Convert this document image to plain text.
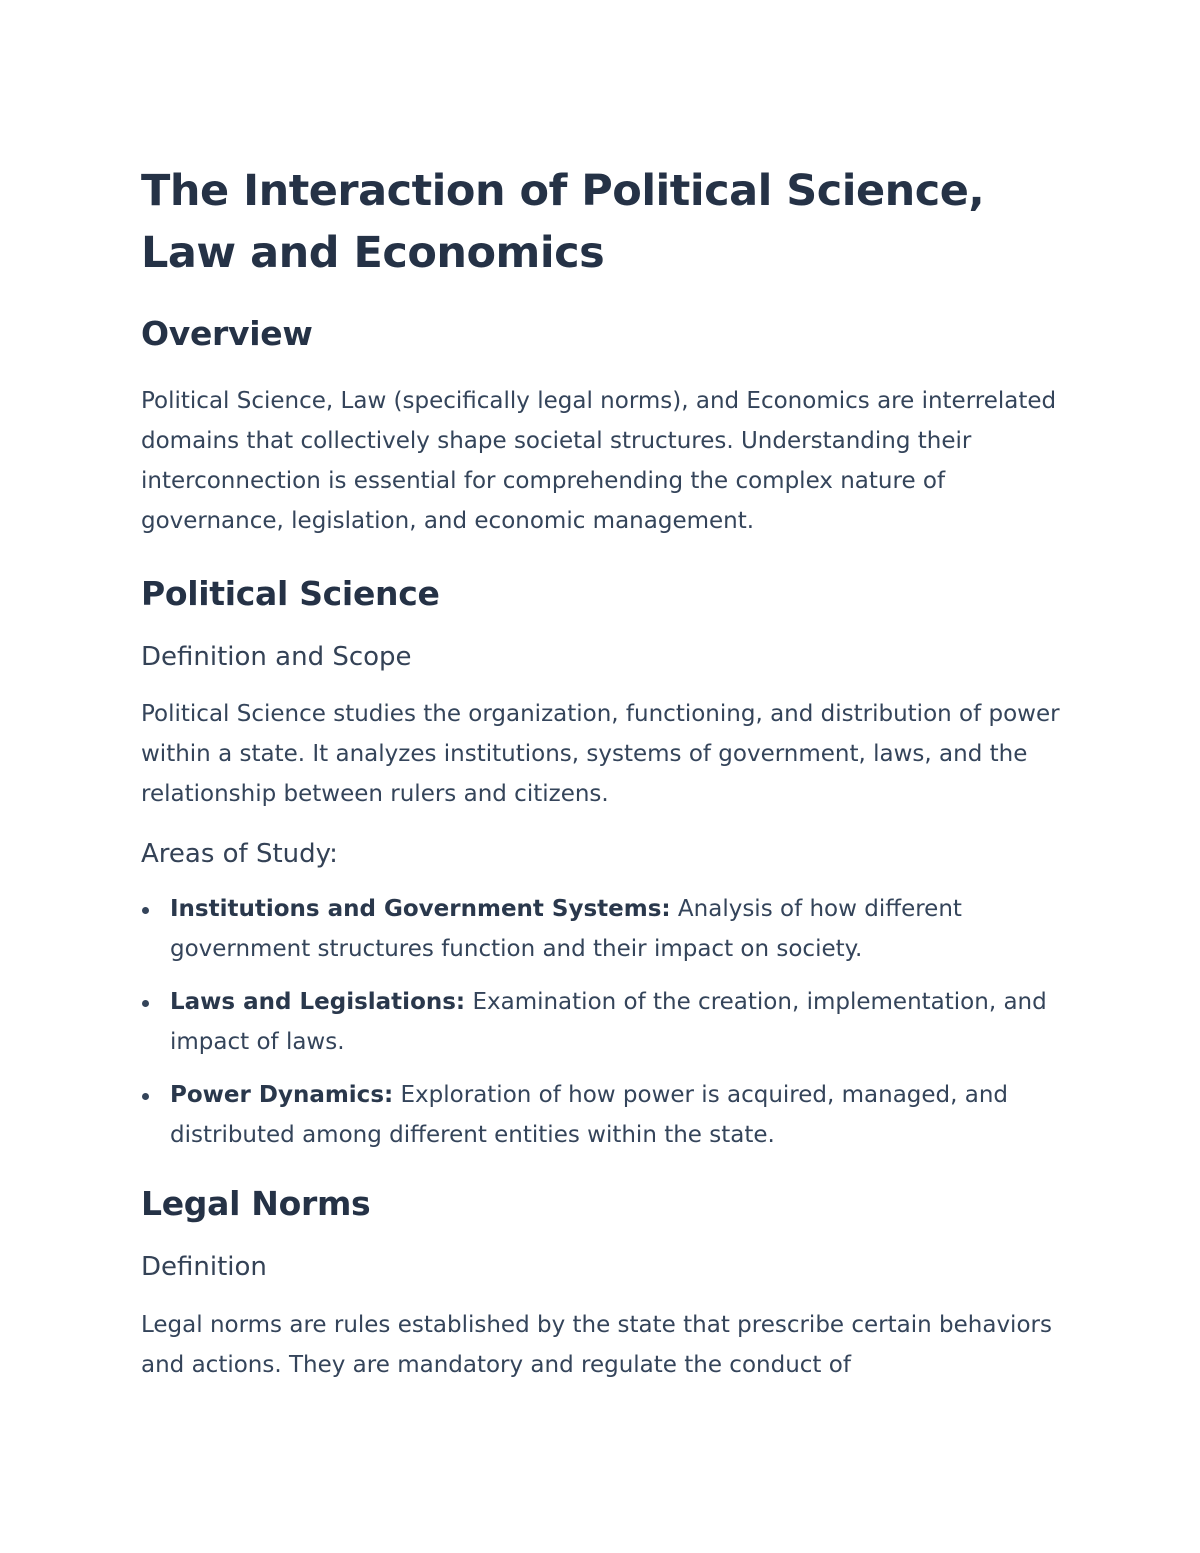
The Interaction of Political Science, Law and Economics
Overview

Political Science, Law (specifically legal norms), and Economics are interrelated domains that collectively shape societal structures. Understanding their interconnection is essential for comprehending the complex nature of governance, legislation, and economic management.

Political Science
Definition and Scope

Political Science studies the organization, functioning, and distribution of power within a state. It analyzes institutions, systems of government, laws, and the relationship between rulers and citizens.

Areas of Study:
Institutions and Government Systems: Analysis of how different government structures function and their impact on society.
Laws and Legislations: Examination of the creation, implementation, and impact of laws.
Power Dynamics: Exploration of how power is acquired, managed, and distributed among different entities within the state.
Legal Norms
Definition

Legal norms are rules established by the state that prescribe certain behaviors and actions. They are mandatory and regulate the conduct of
